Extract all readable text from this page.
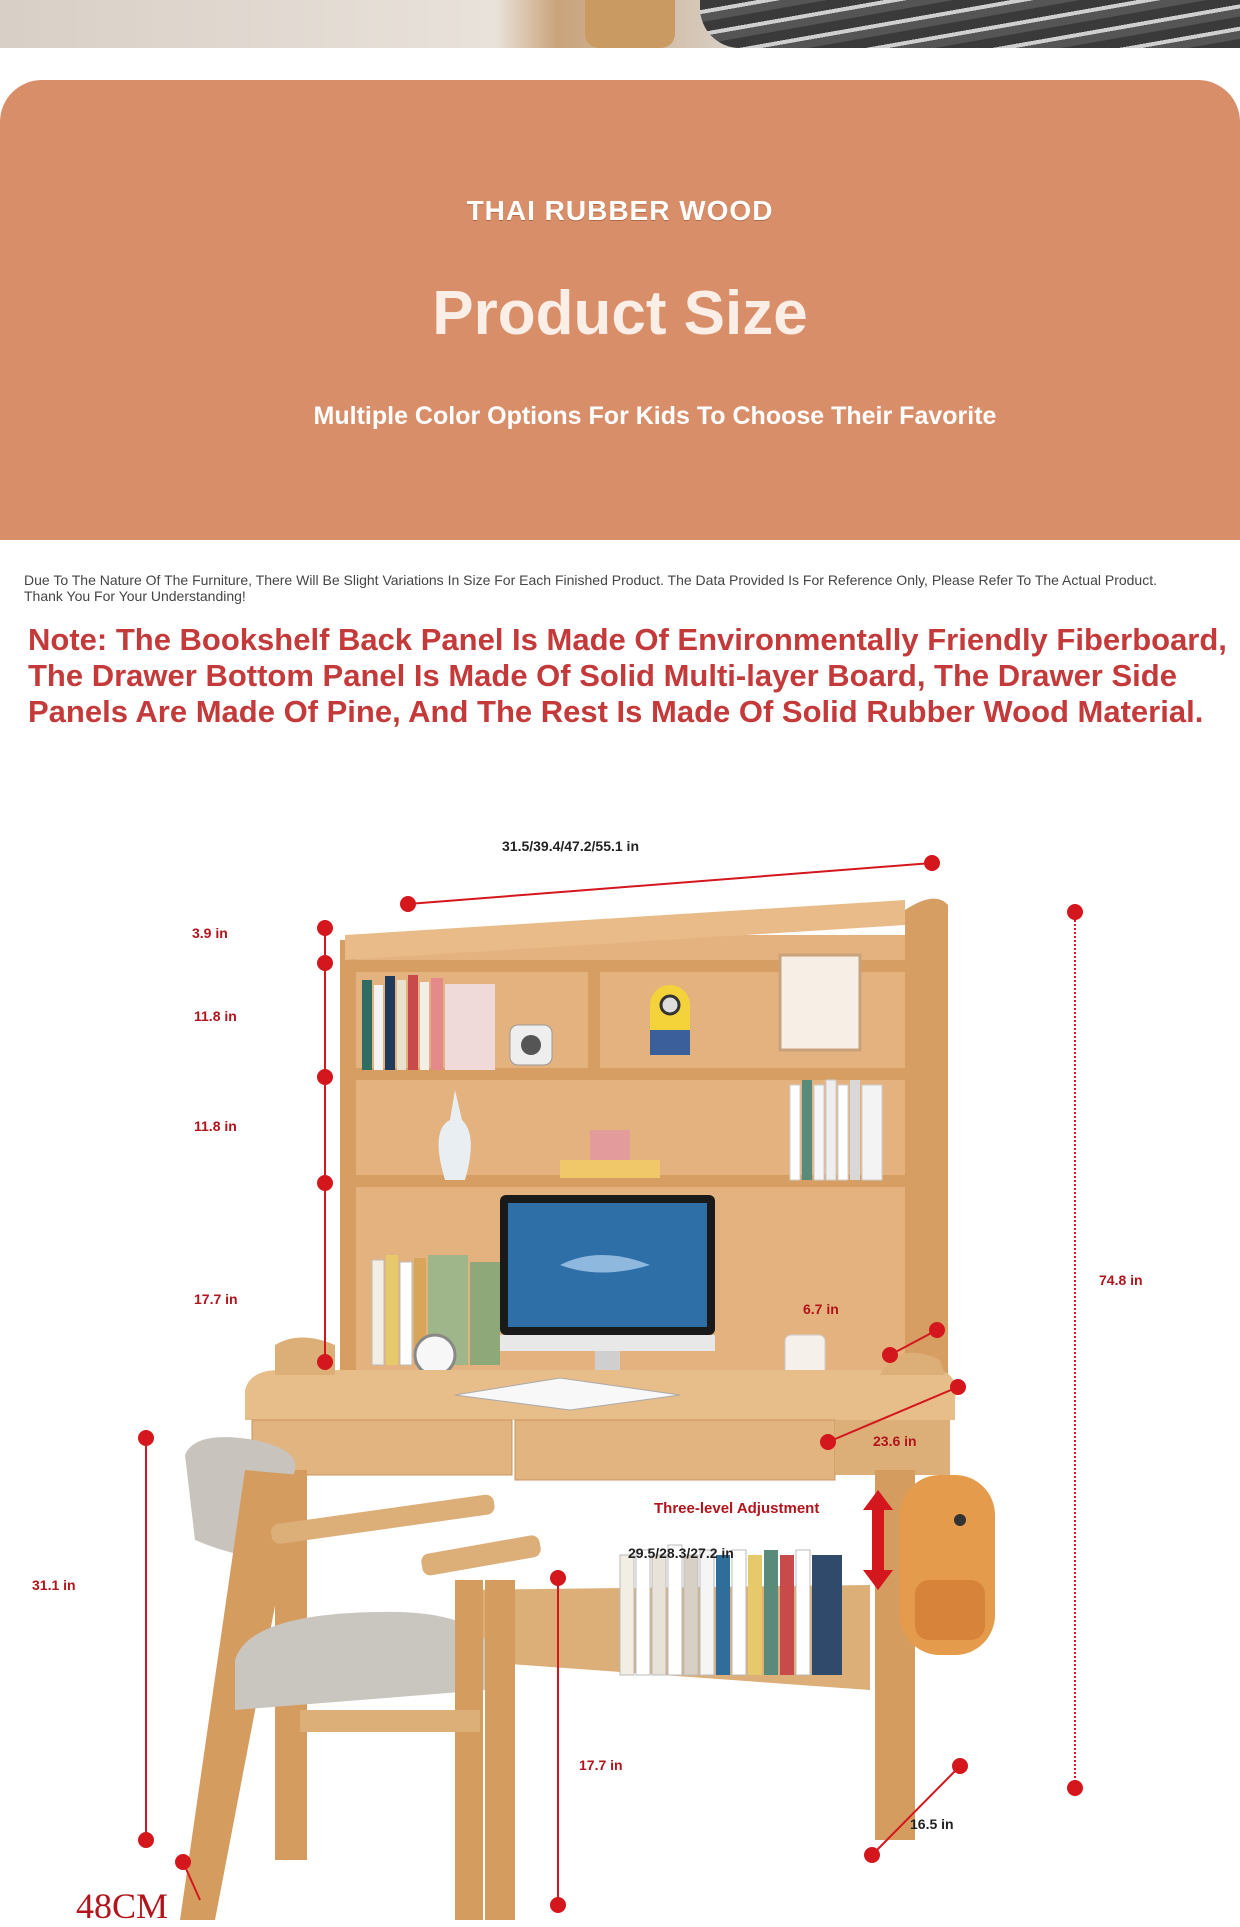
THAI RUBBER WOOD
Product Size
Multiple Color Options For Kids To Choose Their Favorite
Due To The Nature Of The Furniture, There Will Be Slight Variations In Size For Each Finished Product. The Data Provided Is For Reference Only, Please Refer To The Actual Product. Thank You For Your Understanding!
Note: The Bookshelf Back Panel Is Made Of Environmentally Friendly Fiberboard, The Drawer Bottom Panel Is Made Of Solid Multi-layer Board, The Drawer Side Panels Are Made Of Pine, And The Rest Is Made Of Solid Rubber Wood Material.
31.5/39.4/47.2/55.1 in
3.9 in
11.8 in
11.8 in
17.7 in
74.8 in
6.7 in
23.6 in
Three-level Adjustment
29.5/28.3/27.2 in
31.1 in
17.7 in
16.5 in
48CM
